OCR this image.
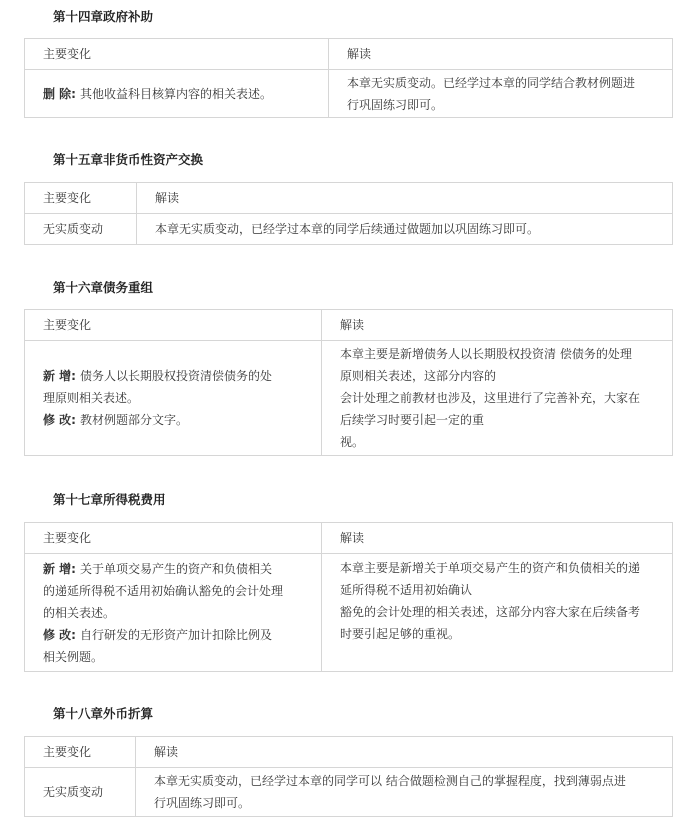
第十四章政府补助
主要变化	解读
删 除: 其他收益科目核算内容的相关表述。	本章无实质变动。已经学过本章的同学结合教材例题进
行巩固练习即可。
第十五章非货币性资产交换
主要变化	解读
无实质变动	本章无实质变动，已经学过本章的同学后续通过做题加以巩固练习即可。
第十六章债务重组
主要变化	解读

新 增: 债务人以长期股权投资清偿债务的处
理原则相关表述。
修 改: 教材例题部分文字。	本章主要是新增债务人以长期股权投资清 偿债务的处理
原则相关表述，这部分内容的
会计处理之前教材也涉及，这里进行了完善补充，大家在
后续学习时要引起一定的重
视。
第十七章所得税费用
主要变化	解读

新 增: 关于单项交易产生的资产和负债相关
的递延所得税不适用初始确认豁免的会计处理
的相关表述。
修 改: 自行研发的无形资产加计扣除比例及
相关例题。	本章主要是新增关于单项交易产生的资产和负债相关的递
延所得税不适用初始确认
豁免的会计处理的相关表述，这部分内容大家在后续备考
时要引起足够的重视。
第十八章外币折算
主要变化	解读
无实质变动	本章无实质变动，已经学过本章的同学可以 结合做题检测自己的掌握程度，找到薄弱点进
行巩固练习即可。
